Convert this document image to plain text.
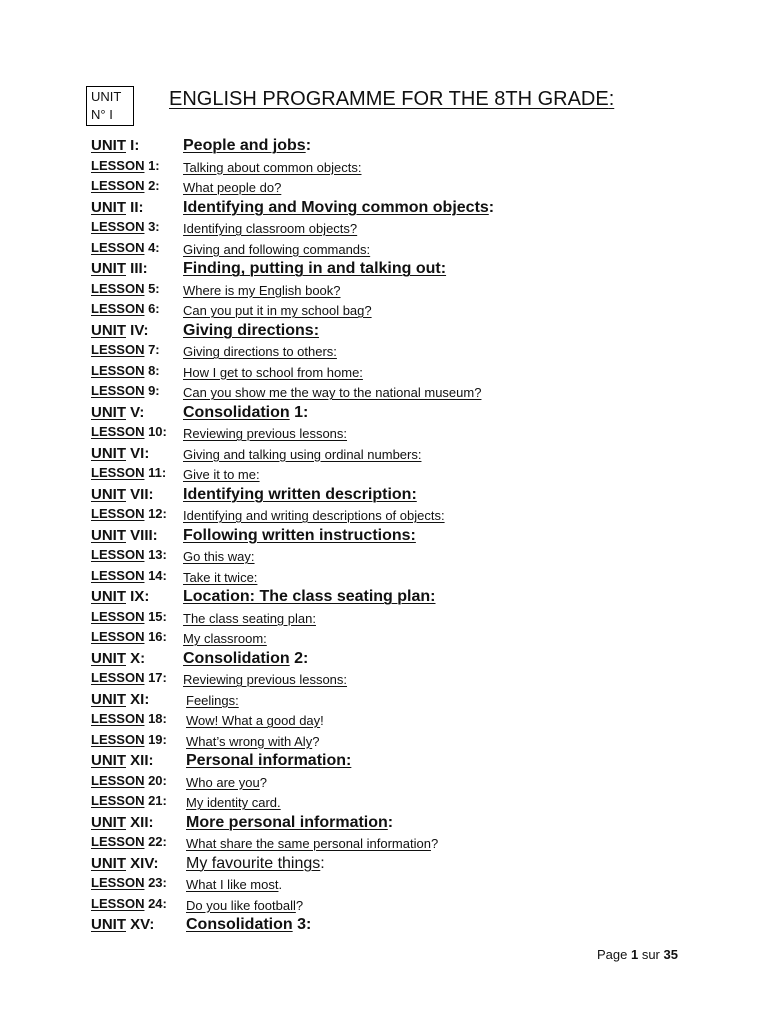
UNIT
N° I
ENGLISH PROGRAMME FOR THE 8TH GRADE:
UNIT I:	People and jobs:
LESSON 1: Talking about common objects:
LESSON 2: What people do?
UNIT II: Identifying and Moving common objects:
LESSON 3: Identifying classroom objects?
LESSON 4: Giving and following commands:
UNIT III: Finding, putting in and talking out:
LESSON 5: Where is my English book?
LESSON 6: Can you put it in my school bag?
UNIT IV: Giving directions:
LESSON 7: Giving directions to others:
LESSON 8: How I get to school from home:
LESSON 9: Can you show me the way to the national museum?
UNIT V: Consolidation 1:
LESSON 10: Reviewing previous lessons:
UNIT VI:	Giving and talking using ordinal numbers:
LESSON 11: Give it to me:
UNIT VII: Identifying written description:
LESSON 12: Identifying and writing descriptions of objects:
UNIT VIII: Following written instructions:
LESSON 13: Go this way:
LESSON 14: Take it twice:
UNIT IX: Location: The class seating plan:
LESSON 15: The class seating plan:
LESSON 16: My classroom:
UNIT X: Consolidation 2:
LESSON 17: Reviewing previous lessons:
UNIT XI:	Feelings:
LESSON 18: Wow! What a good day!
LESSON 19: What’s wrong with Aly?
UNIT XII: Personal information:
LESSON 20: Who are you?
LESSON 21: My identity card.
UNIT XII: More personal information:
LESSON 22: What share the same personal information?
UNIT XIV: My favourite things:
LESSON 23: What I like most.
LESSON 24: Do you like football?
UNIT XV: Consolidation 3:
Page 1 sur 35
